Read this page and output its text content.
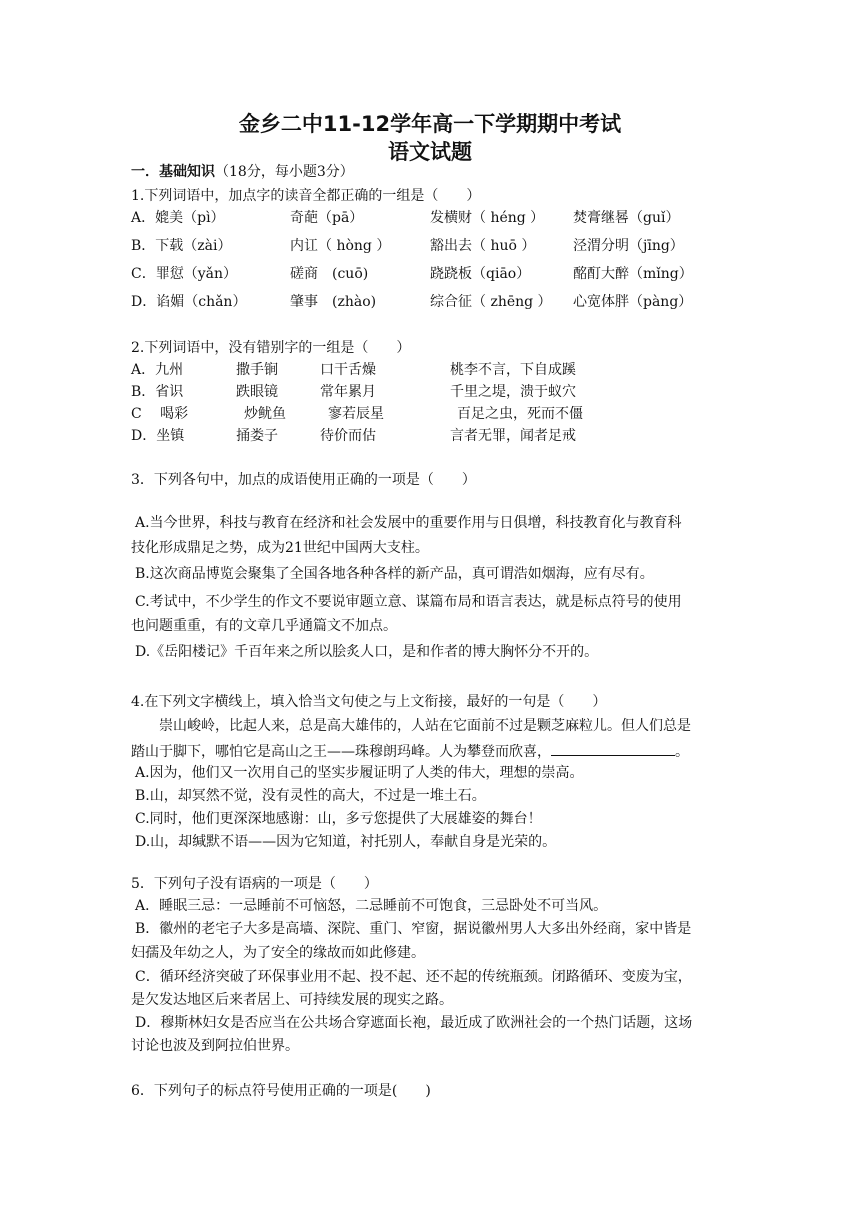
金乡二中11-12学年高一下学期期中考试
语文试题
一．基础知识（18分，每小题3分）
1.下列词语中，加点字的读音全都正确的一组是（　　）
A．媲美（pì）	奇葩（pā）	发横财（ héng ） 焚膏继晷（guǐ）
B．下载（zài）	内讧（ hòng ）	豁出去（ huō ）	泾渭分明（jīng）
C．罪愆（yǎn）	磋商　(cuō)	跷跷板（qiāo）	酩酊大醉（mǐng）
D．谄媚（chǎn）	肇事　(zhào)	综合征（ zhēng ） 心宽体胖（pàng）
2.下列词语中，没有错别字的一组是（　　）
A．九州	撒手锏	口干舌燥	桃李不言，下自成蹊
B．省识	跌眼镜	常年累月	千里之堤，溃于蚁穴
C　 喝彩	炒鱿鱼	寥若辰星	百足之虫，死而不僵
D．坐镇	捅娄子	待价而估	言者无罪，闻者足戒
3．下列各句中，加点的成语使用正确的一项是（　　）
A.当今世界，科技与教育在经济和社会发展中的重要作用与日俱增，科技教育化与教育科
技化形成鼎足之势，成为21世纪中国两大支柱。
B.这次商品博览会聚集了全国各地各种各样的新产品，真可谓浩如烟海，应有尽有。
C.考试中，不少学生的作文不要说审题立意、谋篇布局和语言表达，就是标点符号的使用
也问题重重，有的文章几乎通篇文不加点。
D.《岳阳楼记》千百年来之所以脍炙人口，是和作者的博大胸怀分不开的。
4.在下列文字横线上，填入恰当文句使之与上文衔接，最好的一句是（　　）
崇山峻岭，比起人来，总是高大雄伟的，人站在它面前不过是颗芝麻粒儿。但人们总是
踏山于脚下，哪怕它是高山之王——珠穆朗玛峰。人为攀登而欣喜，	。
A.因为，他们又一次用自己的坚实步履证明了人类的伟大，理想的崇高。
B.山，却冥然不觉，没有灵性的高大，不过是一堆土石。
C.同时，他们更深深地感谢：山，多亏您提供了大展雄姿的舞台！
D.山，却缄默不语——因为它知道，衬托别人，奉献自身是光荣的。
5．下列句子没有语病的一项是（　　）
A．睡眠三忌：一忌睡前不可恼怒，二忌睡前不可饱食，三忌卧处不可当风。
B．徽州的老宅子大多是高墙、深院、重门、窄窗，据说徽州男人大多出外经商，家中皆是
妇孺及年幼之人，为了安全的缘故而如此修建。
C．循环经济突破了环保事业用不起、投不起、还不起的传统瓶颈。闭路循环、变废为宝，
是欠发达地区后来者居上、可持续发展的现实之路。
D．穆斯林妇女是否应当在公共场合穿遮面长袍，最近成了欧洲社会的一个热门话题，这场
讨论也波及到阿拉伯世界。
6．下列句子的标点符号使用正确的一项是(　　)
